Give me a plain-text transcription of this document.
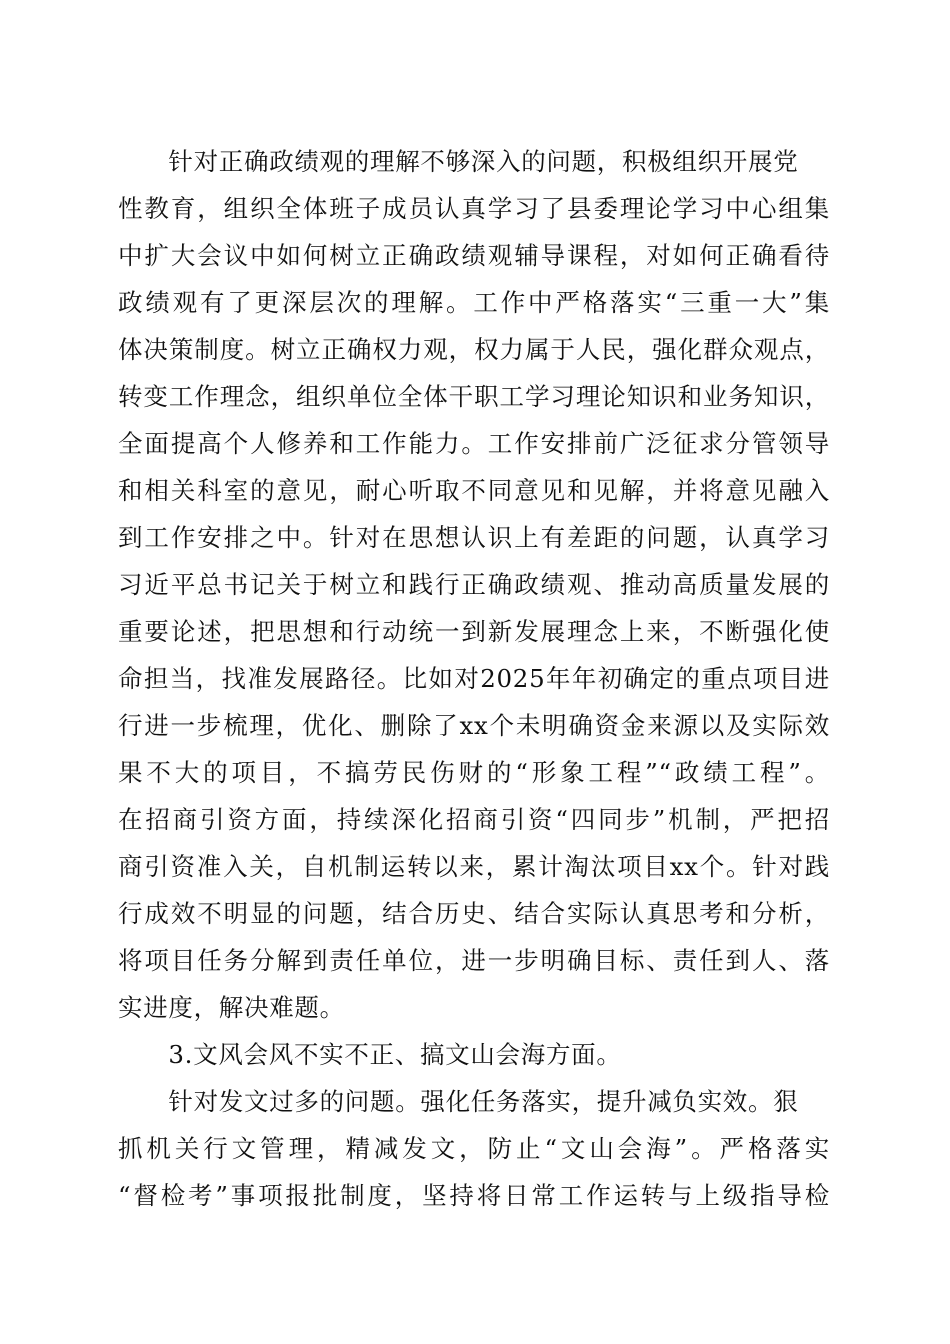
　　针对正确政绩观的理解不够深入的问题，积极组织开展党
性教育，组织全体班子成员认真学习了县委理论学习中心组集
中扩大会议中如何树立正确政绩观辅导课程，对如何正确看待
政绩观有了更深层次的理解。工作中严格落实“三重一大”集
体决策制度。树立正确权力观，权力属于人民，强化群众观点，
转变工作理念，组织单位全体干职工学习理论知识和业务知识，
全面提高个人修养和工作能力。工作安排前广泛征求分管领导
和相关科室的意见，耐心听取不同意见和见解，并将意见融入
到工作安排之中。针对在思想认识上有差距的问题，认真学习
习近平总书记关于树立和践行正确政绩观、推动高质量发展的
重要论述，把思想和行动统一到新发展理念上来，不断强化使
命担当，找准发展路径。比如对2025年年初确定的重点项目进
行进一步梳理，优化、删除了xx个未明确资金来源以及实际效
果不大的项目，不搞劳民伤财的“形象工程”“政绩工程”。
在招商引资方面，持续深化招商引资“四同步”机制，严把招
商引资准入关，自机制运转以来，累计淘汰项目xx个。针对践
行成效不明显的问题，结合历史、结合实际认真思考和分析，
将项目任务分解到责任单位，进一步明确目标、责任到人、落
实进度，解决难题。
　　3.文风会风不实不正、搞文山会海方面。
　　针对发文过多的问题。强化任务落实，提升减负实效。狠
抓机关行文管理，精减发文，防止“文山会海”。严格落实
“督检考”事项报批制度，坚持将日常工作运转与上级指导检
